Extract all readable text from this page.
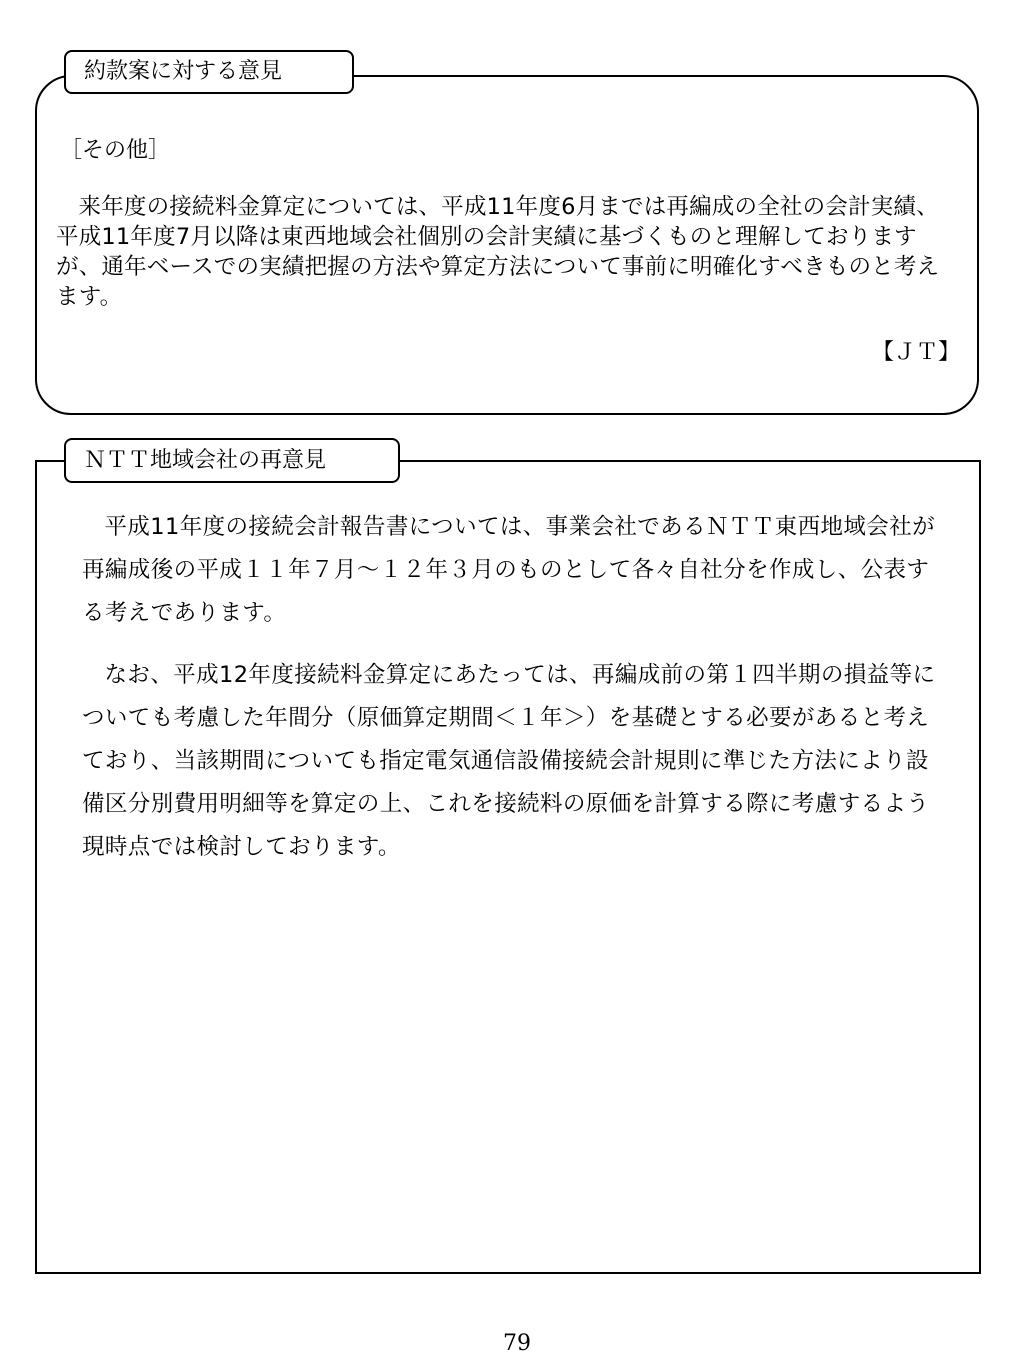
約款案に対する意見
［その他］

来年度の接続料金算定については、平成11年度6月までは再編成の全社の会計実績、平成11年度7月以降は東西地域会社個別の会計実績に基づくものと理解しておりますが、通年ベースでの実績把握の方法や算定方法について事前に明確化すべきものと考えます。

【ＪＴ】
ＮＴＴ地域会社の再意見

平成11年度の接続会計報告書については、事業会社であるＮＴＴ東西地域会社が再編成後の平成１１年７月～１２年３月のものとして各々自社分を作成し、公表する考えであります。

なお、平成12年度接続料金算定にあたっては、再編成前の第１四半期の損益等についても考慮した年間分（原価算定期間＜１年＞）を基礎とする必要があると考えており、当該期間についても指定電気通信設備接続会計規則に準じた方法により設備区分別費用明細等を算定の上、これを接続料の原価を計算する際に考慮するよう現時点では検討しております。

79
